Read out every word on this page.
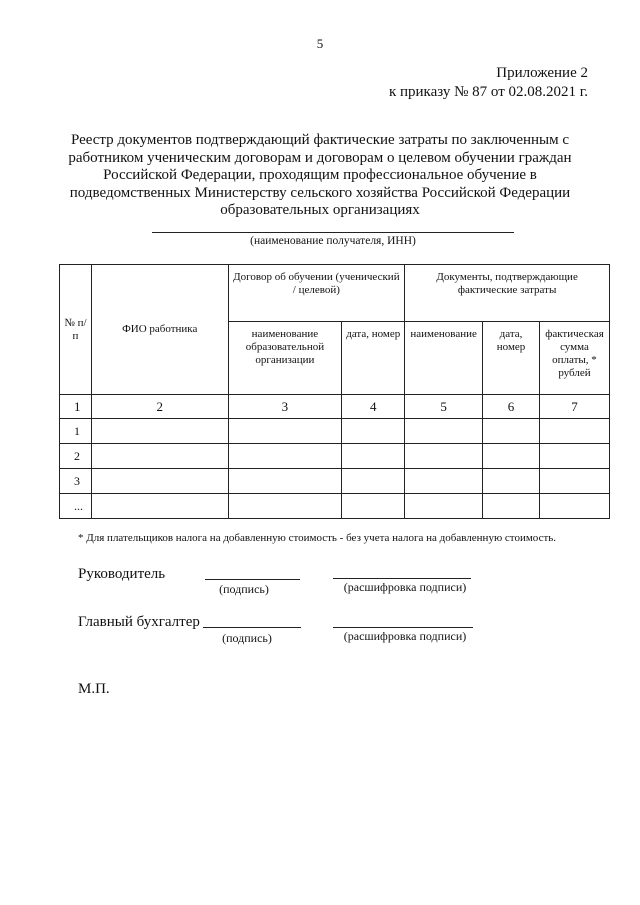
5
Приложение 2
к приказу № 87 от 02.08.2021 г.
Реестр документов подтверждающий фактические затраты по заключенным с
работником ученическим договорам и договорам о целевом обучении граждан
Российской Федерации, проходящим профессиональное обучение в
подведомственных Министерству сельского хозяйства Российской Федерации
образовательных организациях
(наименование получателя, ИНН)
№ п/п	ФИО работника	Договор об обучении (ученический / целевой)		Документы, подтверждающие фактические затраты		
		наименование образовательной организации	дата, номер	наименование	дата, номер	фактическая сумма оплаты, * рублей
1	2	3	4	5	6	7
1						
2						
3						
...						
* Для плательщиков налога на добавленную стоимость - без учета налога на добавленную стоимость.
Руководитель
(подпись)	(расшифровка подписи)
Главный бухгалтер
(подпись)	(расшифровка подписи)
М.П.
